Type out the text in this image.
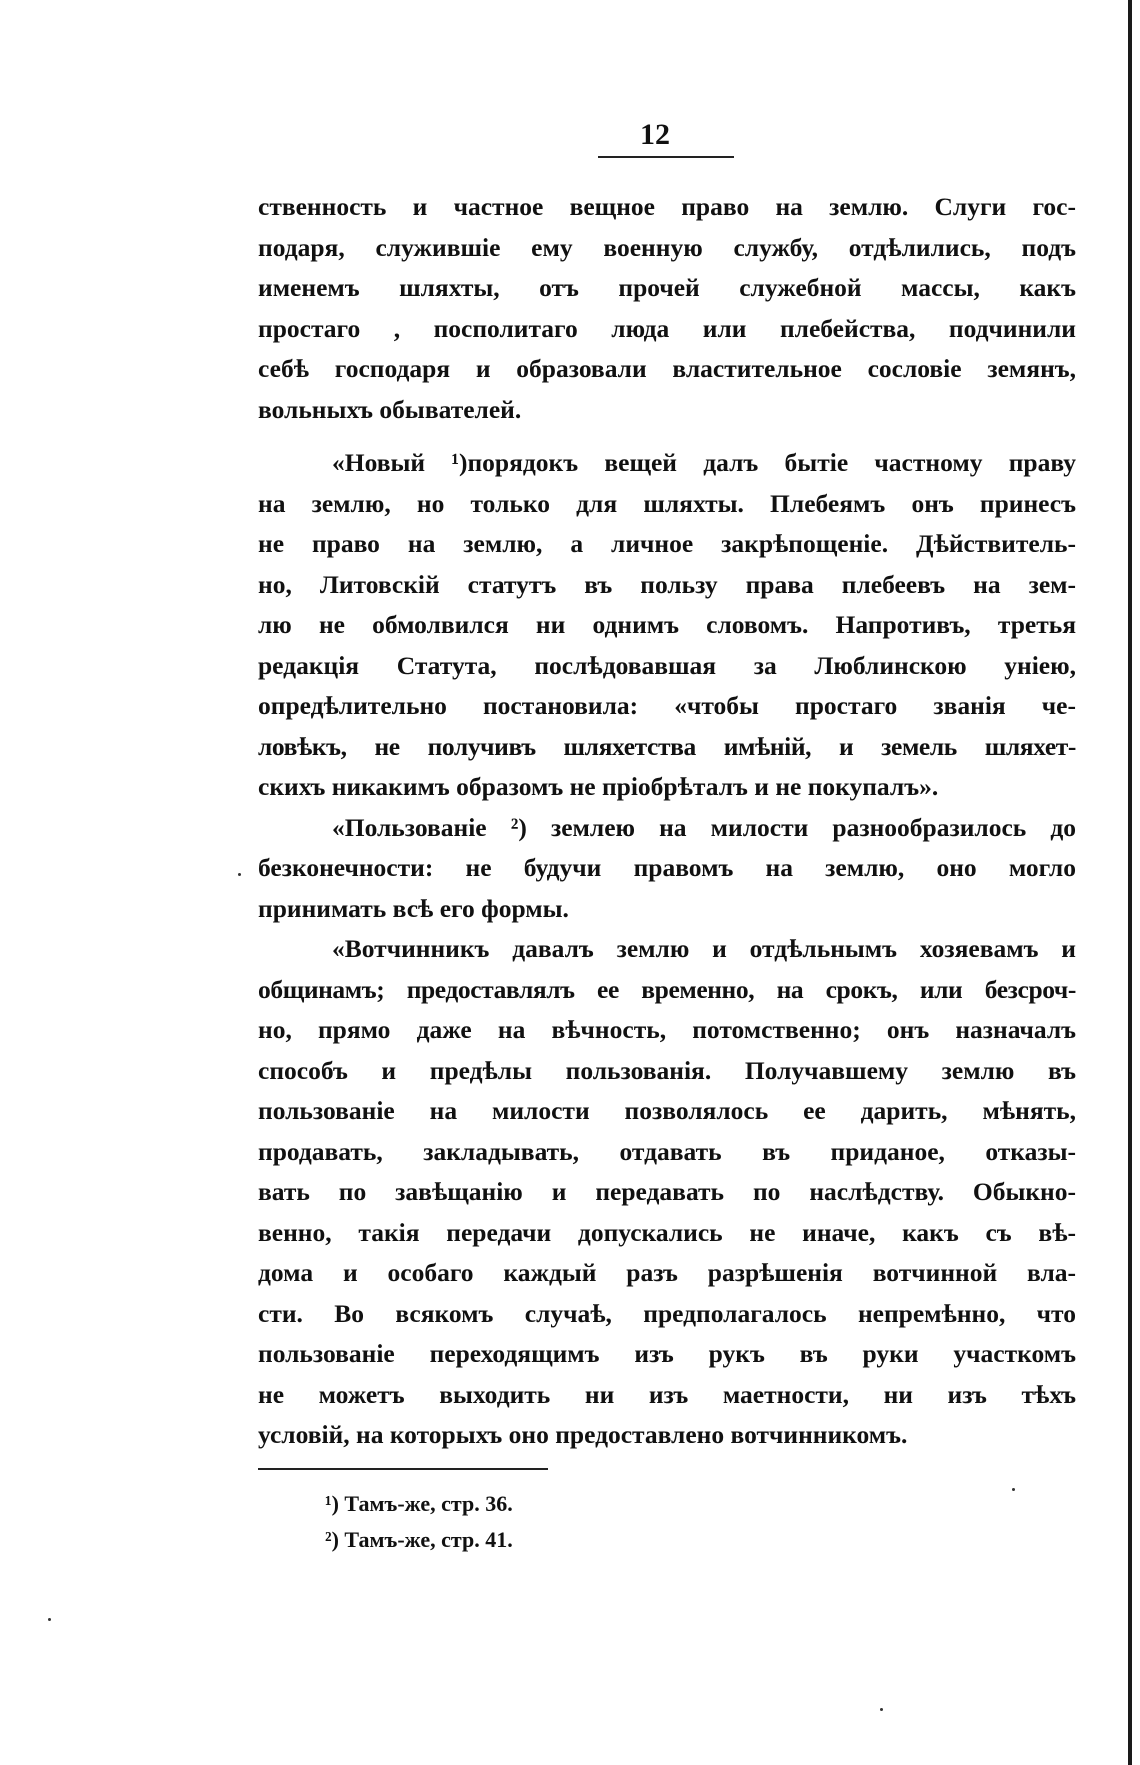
12
ственность и частное вещное право на землю. Слуги гос-
подаря, служившіе ему военную службу, отдѣлились, подъ
именемъ шляхты, отъ прочей служебной массы, какъ
простаго , посполитаго люда или плебейства, подчинили
себѣ господаря и образовали властительное сословіе земянъ,
вольныхъ обывателей.
«Новый ¹)порядокъ вещей далъ бытіе частному праву
на землю, но только для шляхты. Плебеямъ онъ принесъ
не право на землю, а личное закрѣпощеніе. Дѣйствитель-
но, Литовскій статутъ въ пользу права плебеевъ на зем-
лю не обмолвился ни однимъ словомъ. Напротивъ, третья
редакція Статута, послѣдовавшая за Люблинскою уніею,
опредѣлительно постановила: «чтобы простаго званія че-
ловѣкъ, не получивъ шляхетства имѣній, и земель шляхет-
скихъ никакимъ образомъ не пріобрѣталъ и не покупалъ».
«Пользованіе ²) землею на милости разнообразилось до
безконечности: не будучи правомъ на землю, оно могло
принимать всѣ его формы.
«Вотчинникъ давалъ землю и отдѣльнымъ хозяевамъ и
общинамъ; предоставлялъ ее временно, на срокъ, или безсроч-
но, прямо даже на вѣчность, потомственно; онъ назначалъ
способъ и предѣлы пользованія. Получавшему землю въ
пользованіе на милости позволялось ее дарить, мѣнять,
продавать, закладывать, отдавать въ приданое, отказы-
вать по завѣщанію и передавать по наслѣдству. Обыкно-
венно, такія передачи допускались не иначе, какъ съ вѣ-
дома и особаго каждый разъ разрѣшенія вотчинной вла-
сти. Во всякомъ случаѣ, предполагалось непремѣнно, что
пользованіе переходящимъ изъ рукъ въ руки участкомъ
не можетъ выходить ни изъ маетности, ни изъ тѣхъ
условій, на которыхъ оно предоставлено вотчинникомъ.
¹) Тамъ-же, стр. 36.
²) Тамъ-же, стр. 41.
